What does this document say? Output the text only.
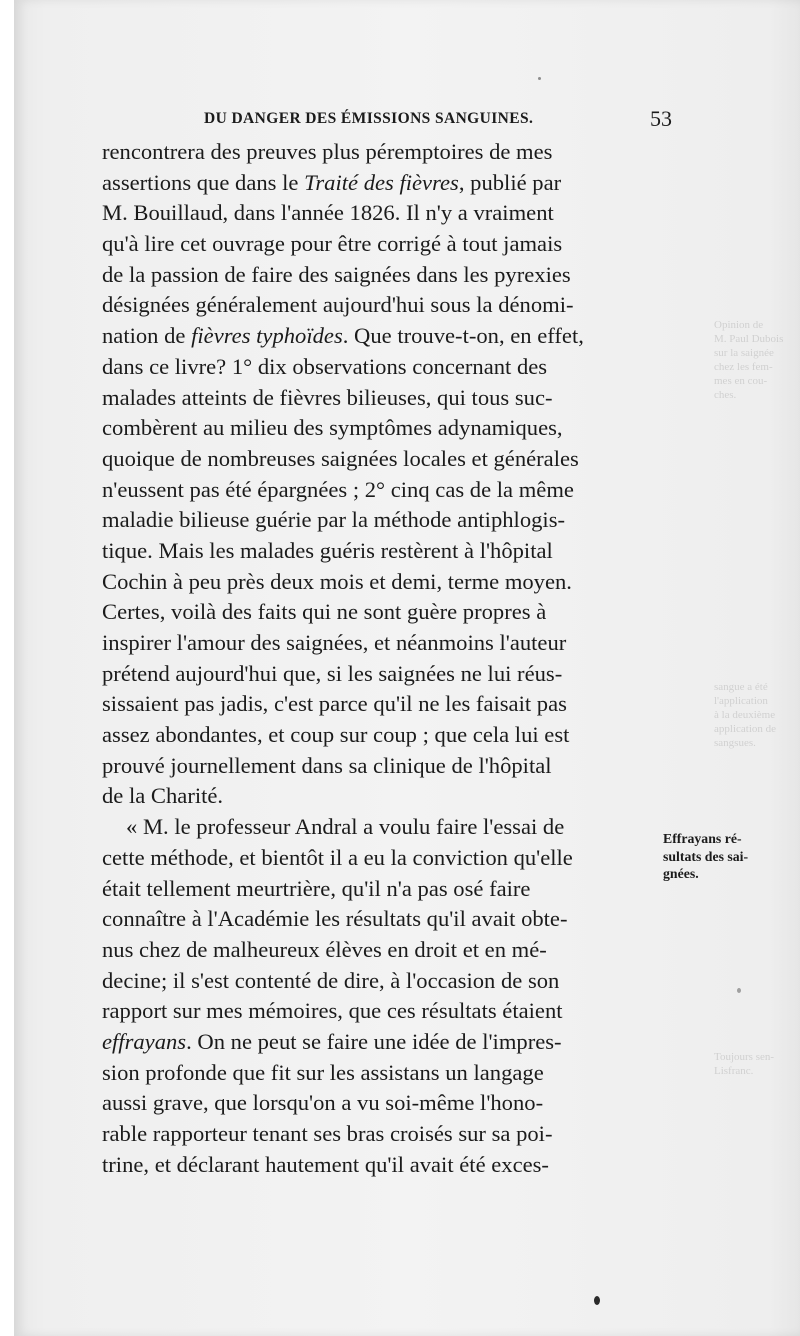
Opinion de
M. Paul Dubois
sur la saignée
chez les fem-
mes en cou-
ches.
sangue a été
l'application
à la deuxième
application de
sangsues.
Toujours sen-
Lisfranc.
DU DANGER DES ÉMISSIONS SANGUINES.	53
rencontrera des preuves plus péremptoires de mes
assertions que dans le Traité des fièvres, publié par
M. Bouillaud, dans l'année 1826. Il n'y a vraiment
qu'à lire cet ouvrage pour être corrigé à tout jamais
de la passion de faire des saignées dans les pyrexies
désignées généralement aujourd'hui sous la dénomi-
nation de fièvres typhoïdes. Que trouve-t-on, en effet,
dans ce livre? 1° dix observations concernant des
malades atteints de fièvres bilieuses, qui tous suc-
combèrent au milieu des symptômes adynamiques,
quoique de nombreuses saignées locales et générales
n'eussent pas été épargnées ; 2° cinq cas de la même
maladie bilieuse guérie par la méthode antiphlogis-
tique. Mais les malades guéris restèrent à l'hôpital
Cochin à peu près deux mois et demi, terme moyen.
Certes, voilà des faits qui ne sont guère propres à
inspirer l'amour des saignées, et néanmoins l'auteur
prétend aujourd'hui que, si les saignées ne lui réus-
sissaient pas jadis, c'est parce qu'il ne les faisait pas
assez abondantes, et coup sur coup ; que cela lui est
prouvé journellement dans sa clinique de l'hôpital
de la Charité.
« M. le professeur Andral a voulu faire l'essai de
cette méthode, et bientôt il a eu la conviction qu'elle
était tellement meurtrière, qu'il n'a pas osé faire
connaître à l'Académie les résultats qu'il avait obte-
nus chez de malheureux élèves en droit et en mé-
decine; il s'est contenté de dire, à l'occasion de son
rapport sur mes mémoires, que ces résultats étaient
effrayans. On ne peut se faire une idée de l'impres-
sion profonde que fit sur les assistans un langage
aussi grave, que lorsqu'on a vu soi-même l'hono-
rable rapporteur tenant ses bras croisés sur sa poi-
trine, et déclarant hautement qu'il avait été exces-
Effrayans ré-
sultats des sai-
gnées.
